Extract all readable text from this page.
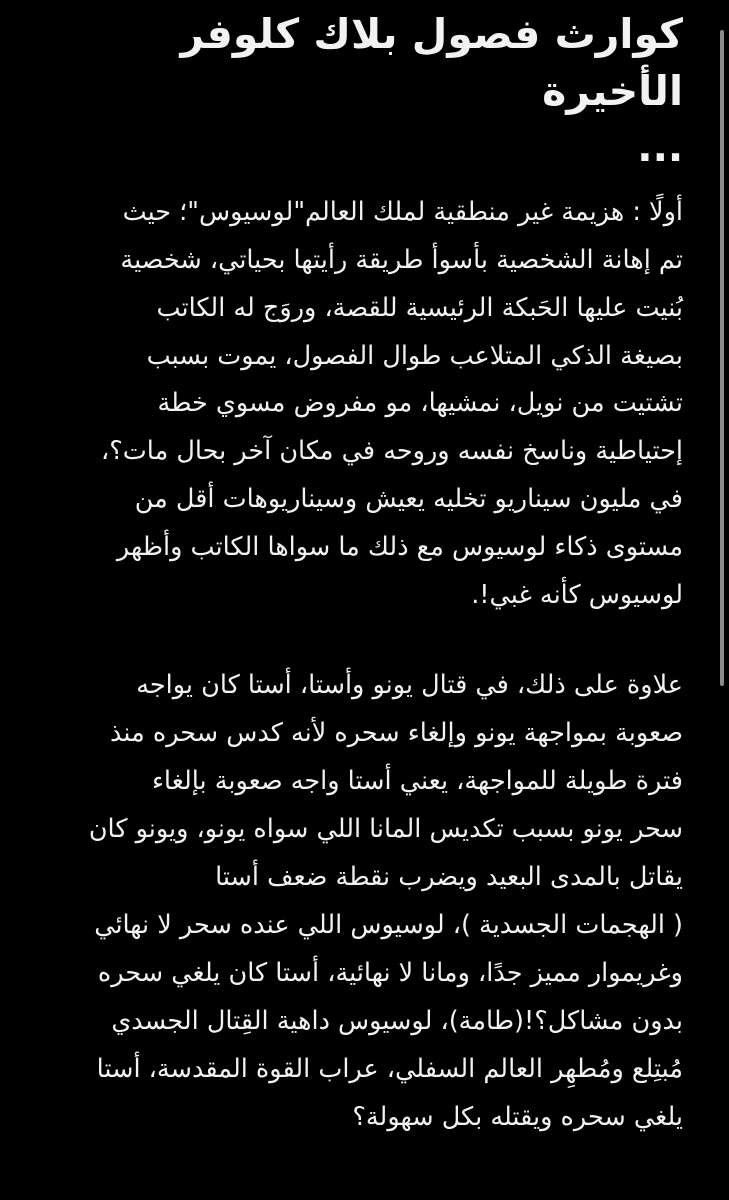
كوارث فصول بلاك كلوفر الأخيرة
...

أولًا : هزيمة غير منطقية لملك العالم"لوسيوس"؛ حيث
تم إهانة الشخصية بأسوأ طريقة رأيتها بحياتي، شخصية
بُنيت عليها الحَبكة الرئيسية للقصة، وروَج له الكاتب
بصيغة الذكي المتلاعب طوال الفصول، يموت بسبب
تشتيت من نويل، نمشيها، مو مفروض مسوي خطة
إحتياطية وناسخ نفسه وروحه في مكان آخر بحال مات؟،
في مليون سيناريو تخليه يعيش وسيناريوهات أقل من
مستوى ذكاء لوسيوس مع ذلك ما سواها الكاتب وأظهر
لوسيوس كأنه غبي!.

علاوة على ذلك، في قتال يونو وأستا، أستا كان يواجه
صعوبة بمواجهة يونو وإلغاء سحره لأنه كدس سحره منذ
فترة طويلة للمواجهة، يعني أستا واجه صعوبة بإلغاء
سحر يونو بسبب تكديس المانا اللي سواه يونو، ويونو كان
يقاتل بالمدى البعيد ويضرب نقطة ضعف أستا
( الهجمات الجسدية )، لوسيوس اللي عنده سحر لا نهائي
وغريموار مميز جدًا، ومانا لا نهائية، أستا كان يلغي سحره
بدون مشاكل؟!(طامة)، لوسيوس داهية القِتال الجسدي
مُبتِلع ومُطهِر العالم السفلي، عراب القوة المقدسة، أستا
يلغي سحره ويقتله بكل سهولة؟
